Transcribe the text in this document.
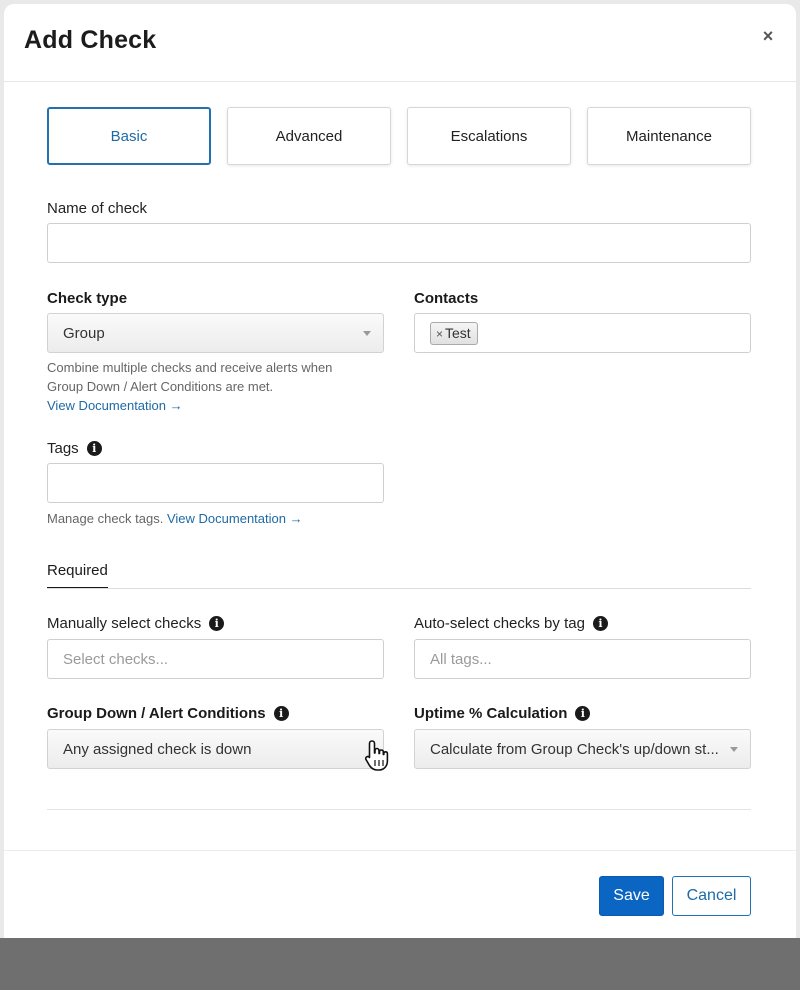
Add Check	×
Basic	Advanced	Escalations	Maintenance
Name of check
Check type
Group
Combine multiple checks and receive alerts when
Group Down / Alert Conditions are met.
View Documentation →
Contacts
× Test
Tags i
Manage check tags. View Documentation →
Required
Manually select checks i
Select checks...
Auto-select checks by tag i
All tags...
Group Down / Alert Conditions i
Any assigned check is down
Uptime % Calculation i
Calculate from Group Check's up/down st...
Save	Cancel
